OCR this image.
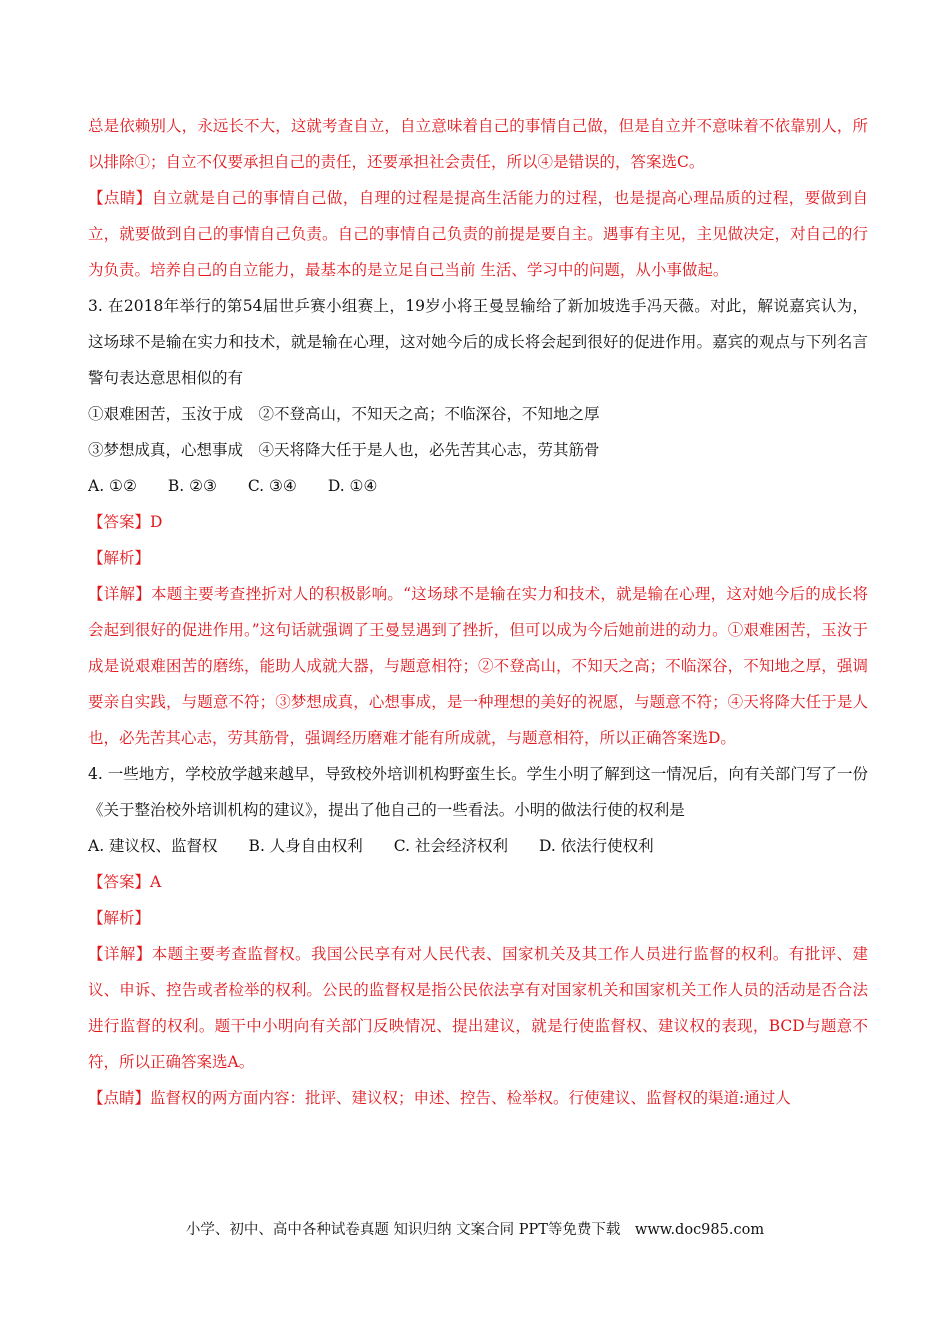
总是依赖别人，永远长不大，这就考查自立，自立意味着自己的事情自己做，但是自立并不意味着不依靠别人，所以排除①；自立不仅要承担自己的责任，还要承担社会责任，所以④是错误的，答案选C。

【点睛】自立就是自己的事情自己做，自理的过程是提高生活能力的过程，也是提高心理品质的过程，要做到自立，就要做到自己的事情自己负责。自己的事情自己负责的前提是要自主。遇事有主见，主见做决定，对自己的行为负责。培养自己的自立能力，最基本的是立足自己当前 生活、学习中的问题，从小事做起。

3. 在2018年举行的第54届世乒赛小组赛上，19岁小将王曼昱输给了新加坡选手冯天薇。对此，解说嘉宾认为，这场球不是输在实力和技术，就是输在心理，这对她今后的成长将会起到很好的促进作用。嘉宾的观点与下列名言警句表达意思相似的有

①艰难困苦，玉汝于成　②不登高山，不知天之高；不临深谷，不知地之厚

③梦想成真，心想事成　④天将降大任于是人也，必先苦其心志，劳其筋骨

A. ①②　　B. ②③　　C. ③④　　D. ①④

【答案】D

【解析】

【详解】本题主要考查挫折对人的积极影响。“这场球不是输在实力和技术，就是输在心理，这对她今后的成长将会起到很好的促进作用。”这句话就强调了王曼昱遇到了挫折，但可以成为今后她前进的动力。①艰难困苦，玉汝于成是说艰难困苦的磨练，能助人成就大器，与题意相符；②不登高山，不知天之高；不临深谷，不知地之厚，强调要亲自实践，与题意不符；③梦想成真，心想事成，是一种理想的美好的祝愿，与题意不符；④天将降大任于是人也，必先苦其心志，劳其筋骨，强调经历磨难才能有所成就，与题意相符，所以正确答案选D。

4. 一些地方，学校放学越来越早，导致校外培训机构野蛮生长。学生小明了解到这一情况后，向有关部门写了一份《关于整治校外培训机构的建议》，提出了他自己的一些看法。小明的做法行使的权利是

A. 建议权、监督权　　B. 人身自由权利　　C. 社会经济权利　　D. 依法行使权利

【答案】A

【解析】

【详解】本题主要考查监督权。我国公民享有对人民代表、国家机关及其工作人员进行监督的权利。有批评、建议、申诉、控告或者检举的权利。公民的监督权是指公民依法享有对国家机关和国家机关工作人员的活动是否合法进行监督的权利。题干中小明向有关部门反映情况、提出建议，就是行使监督权、建议权的表现，BCD与题意不符，所以正确答案选A。

【点睛】监督权的两方面内容：批评、建议权；申述、控告、检举权。行使建议、监督权的渠道:通过人

小学、初中、高中各种试卷真题 知识归纳 文案合同 PPT等免费下载　www.doc985.com
